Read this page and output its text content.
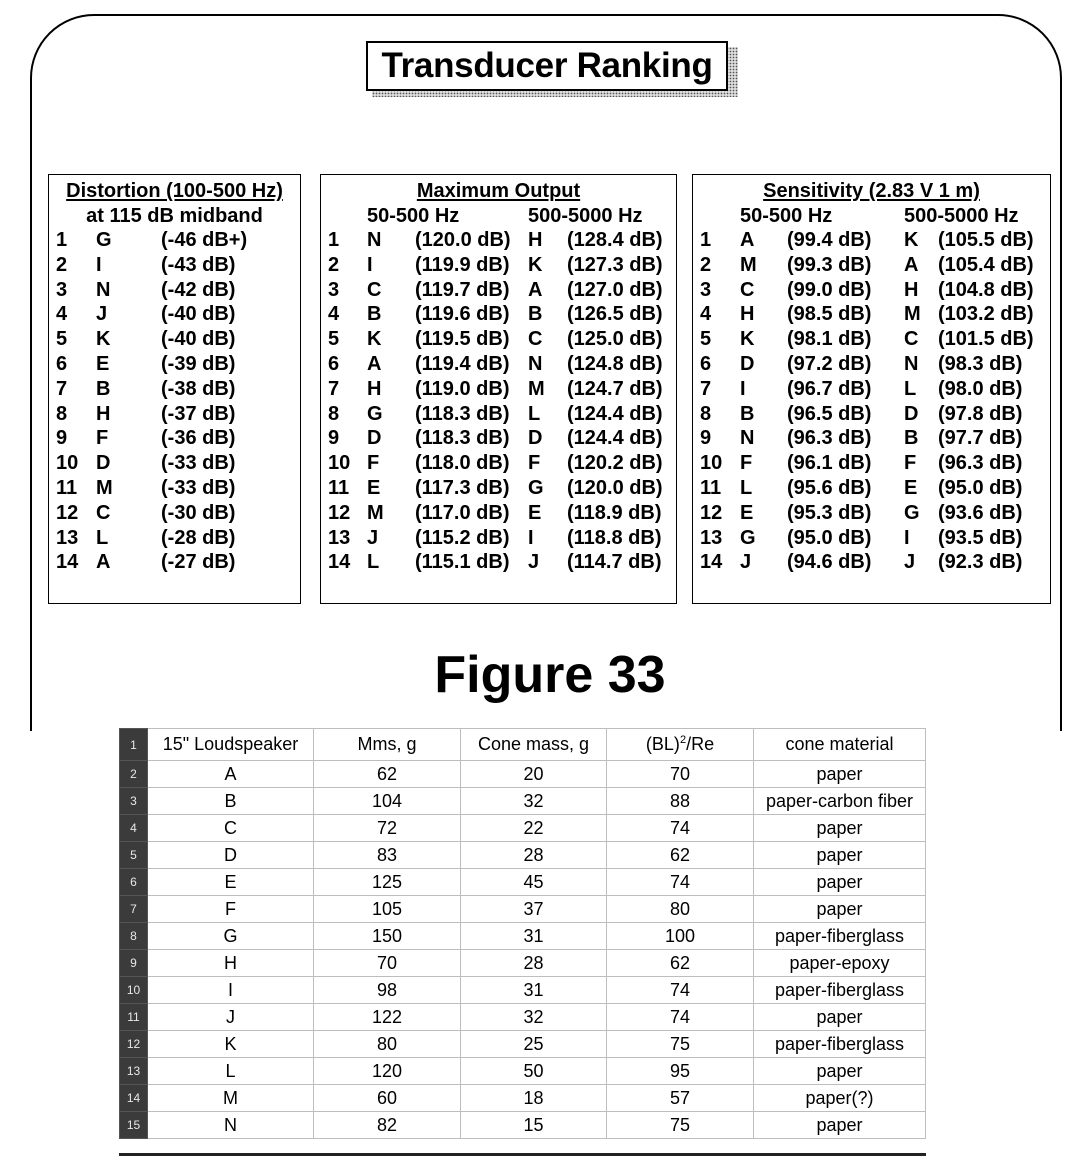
Transducer Ranking
Distortion (100-500 Hz)
at 115 dB midband
1 G (-46 dB+)
2 I	(-43 dB)
3 N	(-42 dB)
4 J	(-40 dB)
5 K	(-40 dB)
6 E	(-39 dB)
7 B	(-38 dB)
8 H	(-37 dB)
9 F	(-36 dB)
10 D	(-33 dB)
11 M (-33 dB)
12 C	(-30 dB)
13 L	(-28 dB)
14 A	(-27 dB)
Maximum Output
50-500 Hz	500-5000 Hz
1 N (120.0 dB) H (128.4 dB)
2 I (119.9 dB) K (127.3 dB)
3 C (119.7 dB) A (127.0 dB)
4 B (119.6 dB) B (126.5 dB)
5 K (119.5 dB) C (125.0 dB)
6 A (119.4 dB) N (124.8 dB)
7 H (119.0 dB) M (124.7 dB)
8 G (118.3 dB) L (124.4 dB)
9 D (118.3 dB) D (124.4 dB)
10 F (118.0 dB) F (120.2 dB)
11 E (117.3 dB) G (120.0 dB)
12 M (117.0 dB) E (118.9 dB)
13 J (115.2 dB) I (118.8 dB)
14 L (115.1 dB) J (114.7 dB)
Sensitivity (2.83 V 1 m)
50-500 Hz	500-5000 Hz
1 A (99.4 dB) K (105.5 dB)
2 M (99.3 dB) A (105.4 dB)
3 C (99.0 dB) H (104.8 dB)
4 H (98.5 dB) M (103.2 dB)
5 K (98.1 dB) C (101.5 dB)
6 D (97.2 dB) N (98.3 dB)
7 I (96.7 dB) L (98.0 dB)
8 B (96.5 dB) D (97.8 dB)
9 N (96.3 dB) B (97.7 dB)
10 F (96.1 dB) F (96.3 dB)
11 L (95.6 dB) E (95.0 dB)
12 E (95.3 dB) G (93.6 dB)
13 G (95.0 dB) I (93.5 dB)
14 J (94.6 dB) J (92.3 dB)
Figure 33
1	15" Loudspeaker	Mms, g	Cone mass, g	(BL)$^2$/Re	cone material
2	A	62	20	70	paper
3	B	104	32	88	paper-carbon fiber
4	C	72	22	74	paper
5	D	83	28	62	paper
6	E	125	45	74	paper
7	F	105	37	80	paper
8	G	150	31	100	paper-fiberglass
9	H	70	28	62	paper-epoxy
10	I	98	31	74	paper-fiberglass
11	J	122	32	74	paper
12	K	80	25	75	paper-fiberglass
13	L	120	50	95	paper
14	M	60	18	57	paper(?)
15	N	82	15	75	paper
